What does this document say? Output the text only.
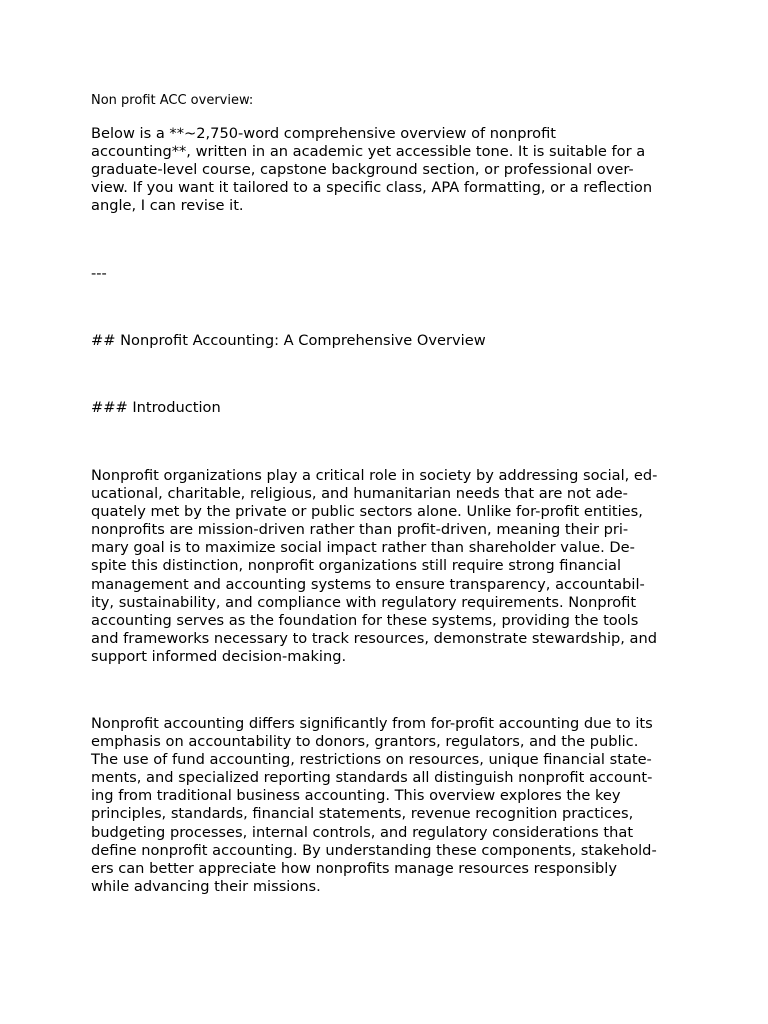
Non profit ACC overview:

Below is a **~2,750-word comprehensive overview of nonprofit
accounting**, written in an academic yet accessible tone. It is suitable for a
graduate-level course, capstone background section, or professional over-
view. If you want it tailored to a specific class, APA formatting, or a reflection
angle, I can revise it.
---
## Nonprofit Accounting: A Comprehensive Overview
### Introduction
Nonprofit organizations play a critical role in society by addressing social, ed-
ucational, charitable, religious, and humanitarian needs that are not ade-
quately met by the private or public sectors alone. Unlike for-profit entities,
nonprofits are mission-driven rather than profit-driven, meaning their pri-
mary goal is to maximize social impact rather than shareholder value. De-
spite this distinction, nonprofit organizations still require strong financial
management and accounting systems to ensure transparency, accountabil-
ity, sustainability, and compliance with regulatory requirements. Nonprofit
accounting serves as the foundation for these systems, providing the tools
and frameworks necessary to track resources, demonstrate stewardship, and
support informed decision-making.
Nonprofit accounting differs significantly from for-profit accounting due to its
emphasis on accountability to donors, grantors, regulators, and the public.
The use of fund accounting, restrictions on resources, unique financial state-
ments, and specialized reporting standards all distinguish nonprofit account-
ing from traditional business accounting. This overview explores the key
principles, standards, financial statements, revenue recognition practices,
budgeting processes, internal controls, and regulatory considerations that
define nonprofit accounting. By understanding these components, stakehold-
ers can better appreciate how nonprofits manage resources responsibly
while advancing their missions.
